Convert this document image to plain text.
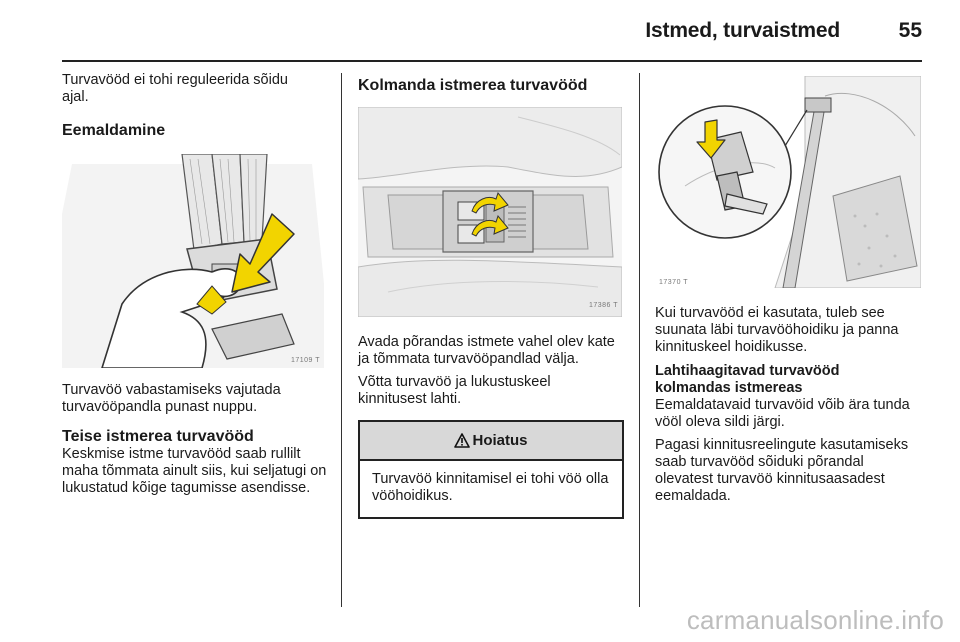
Istmed, turvaistmed	55

Turvavööd ei tohi reguleerida sõidu ajal.

Eemaldamine
17109 T

Turvavöö vabastamiseks vajutada turvavööpandla punast nuppu.

Teise istmerea turvavööd

Keskmise istme turvavööd saab rullilt maha tõmmata ainult siis, kui seljatugi on lukustatud kõige tagumisse asendisse.

Kolmanda istmerea turvavööd
17386 T

Avada põrandas istmete vahel olev kate ja tõmmata turvavööpandlad välja.

Võtta turvavöö ja lukustuskeel kinnitusest lahti.

Hoiatus

Turvavöö kinnitamisel ei tohi vöö olla vööhoidikus.

17370 T

Kui turvavööd ei kasutata, tuleb see suunata läbi turvavööhoidiku ja panna kinnituskeel hoidikusse.

Lahtihaagitavad turvavööd kolmandas istmereas

Eemaldatavaid turvavöid võib ära tunda vööl oleva sildi järgi.

Pagasi kinnitusreelingute kasutamiseks saab turvavööd sõiduki põrandal olevatest turvavöö kinnitusaasadest eemaldada.

carmanualsonline.info
